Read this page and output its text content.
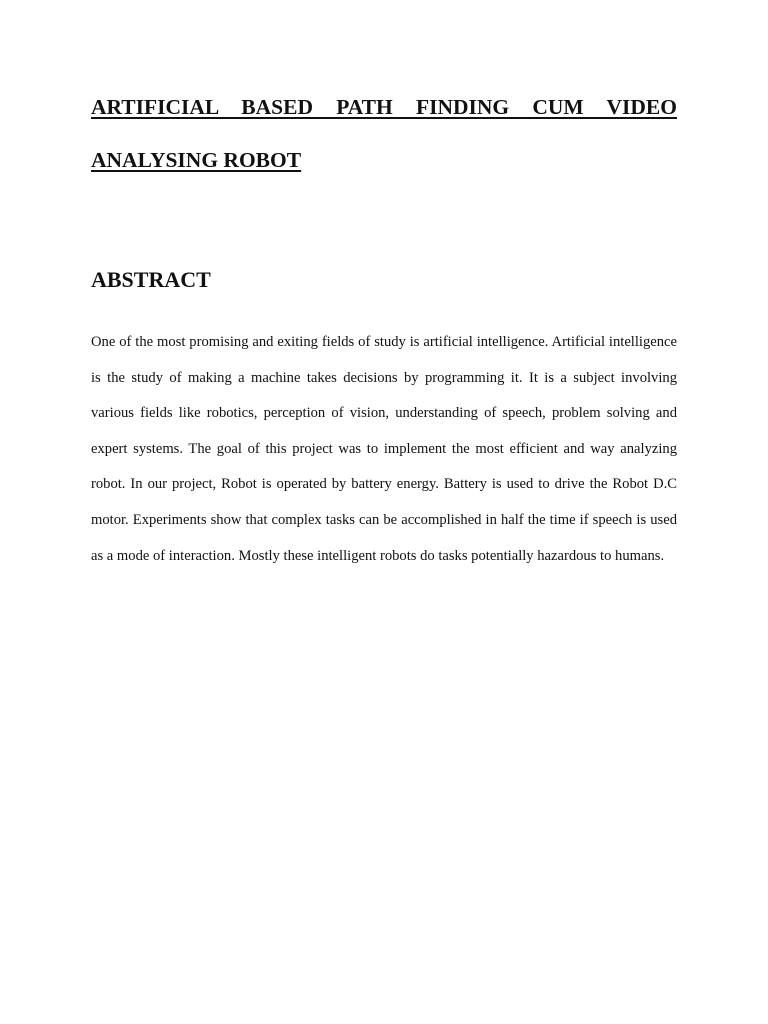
ARTIFICIAL BASED PATH FINDING CUM VIDEO
ANALYSING ROBOT
ABSTRACT

One of the most promising and exiting fields of study is artificial intelligence. Artificial intelligence is the study of making a machine takes decisions by programming it. It is a subject involving various fields like robotics, perception of vision, understanding of speech, problem solving and expert systems. The goal of this project was to implement the most efficient and way analyzing robot. In our project, Robot is operated by battery energy. Battery is used to drive the Robot D.C motor. Experiments show that complex tasks can be accomplished in half the time if speech is used as a mode of interaction. Mostly these intelligent robots do tasks potentially hazardous to humans.
